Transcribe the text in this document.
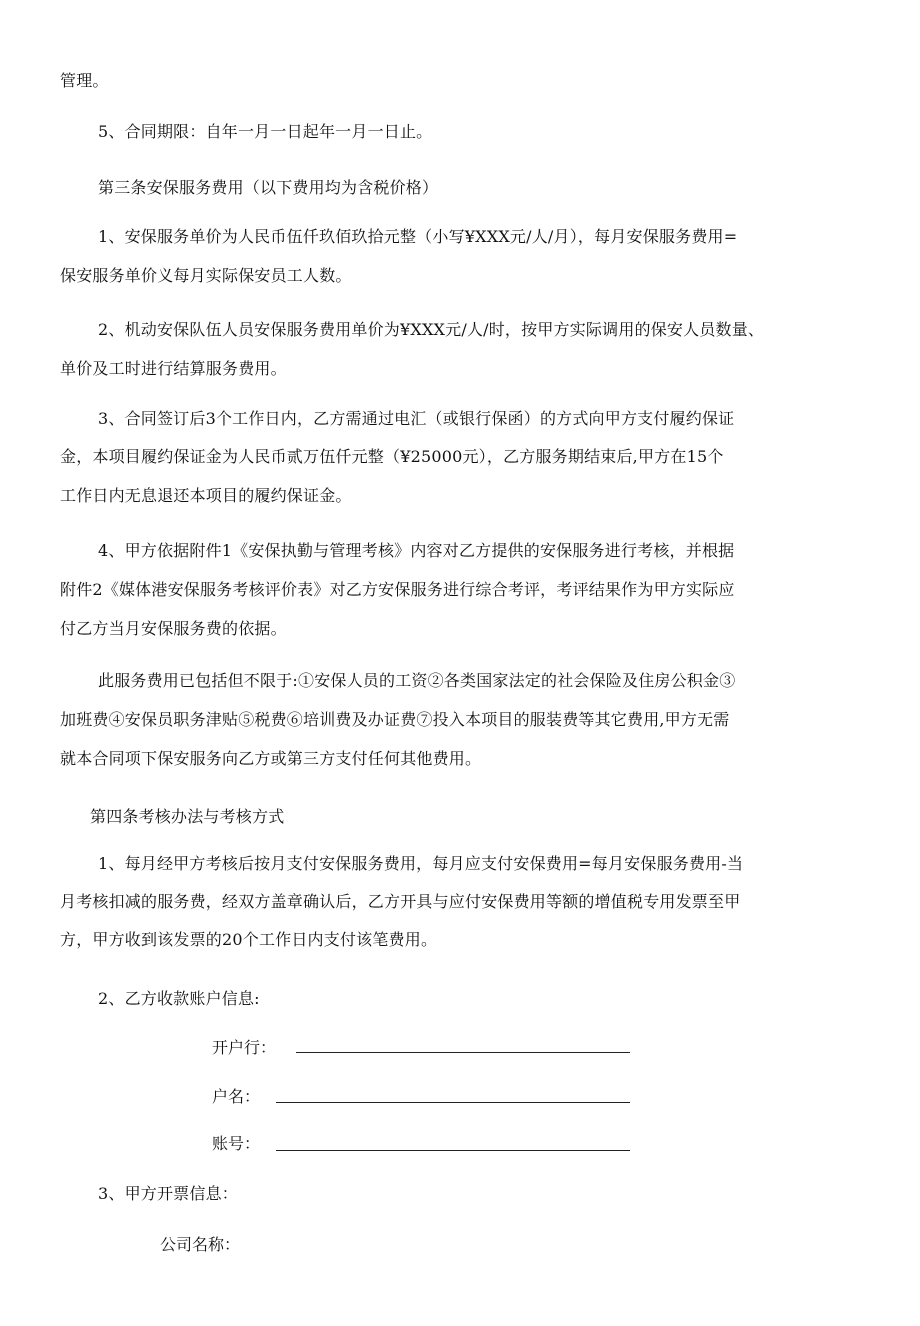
管理。
5、合同期限：自年一月一日起年一月一日止。
第三条安保服务费用（以下费用均为含税价格）
1、安保服务单价为人民币伍仟玖佰玖拾元整（小写¥XXX元/人/月），每月安保服务费用=
保安服务单价义每月实际保安员工人数。
2、机动安保队伍人员安保服务费用单价为¥XXX元/人/时，按甲方实际调用的保安人员数量、
单价及工时进行结算服务费用。
3、合同签订后3个工作日内，乙方需通过电汇（或银行保函）的方式向甲方支付履约保证
金，本项目履约保证金为人民币贰万伍仟元整（¥25000元），乙方服务期结束后,甲方在15个
工作日内无息退还本项目的履约保证金。
4、甲方依据附件1《安保执勤与管理考核》内容对乙方提供的安保服务进行考核，并根据
附件2《媒体港安保服务考核评价表》对乙方安保服务进行综合考评，考评结果作为甲方实际应
付乙方当月安保服务费的依据。
此服务费用已包括但不限于:①安保人员的工资②各类国家法定的社会保险及住房公积金③
加班费④安保员职务津贴⑤税费⑥培训费及办证费⑦投入本项目的服装费等其它费用,甲方无需
就本合同项下保安服务向乙方或第三方支付任何其他费用。
第四条考核办法与考核方式
1、每月经甲方考核后按月支付安保服务费用，每月应支付安保费用=每月安保服务费用-当
月考核扣减的服务费，经双方盖章确认后，乙方开具与应付安保费用等额的增值税专用发票至甲
方，甲方收到该发票的20个工作日内支付该笔费用。
2、乙方收款账户信息:
开户行：
户名：
账号：
3、甲方开票信息：
公司名称：
